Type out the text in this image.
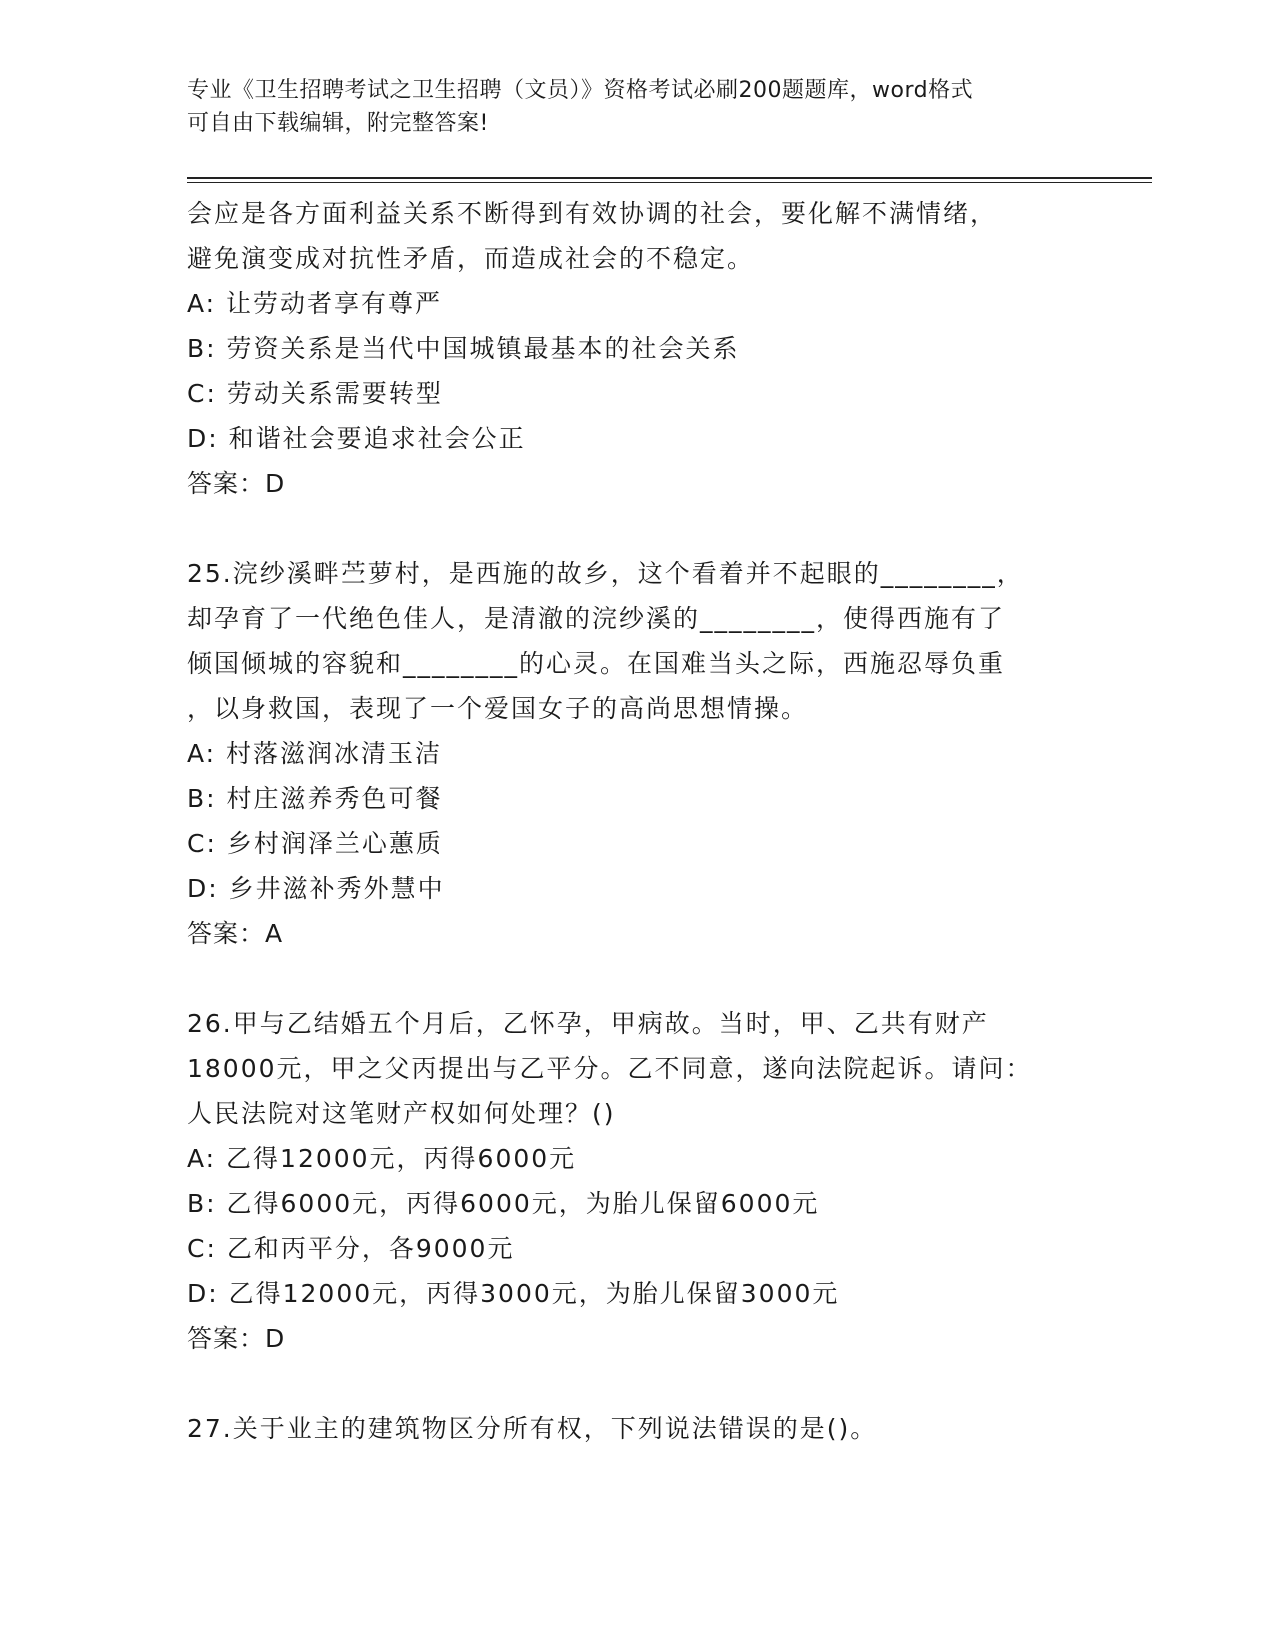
专业《卫生招聘考试之卫生招聘（文员）》资格考试必刷200题题库，word格式
可自由下载编辑，附完整答案!
会应是各方面利益关系不断得到有效协调的社会，要化解不满情绪，
避免演变成对抗性矛盾，而造成社会的不稳定。
A: 让劳动者享有尊严
B: 劳资关系是当代中国城镇最基本的社会关系
C: 劳动关系需要转型
D: 和谐社会要追求社会公正
答案：D
25.浣纱溪畔苎萝村，是西施的故乡，这个看着并不起眼的________，
却孕育了一代绝色佳人，是清澈的浣纱溪的________，使得西施有了
倾国倾城的容貌和________的心灵。在国难当头之际，西施忍辱负重
，以身救国，表现了一个爱国女子的高尚思想情操。
A: 村落滋润冰清玉洁
B: 村庄滋养秀色可餐
C: 乡村润泽兰心蕙质
D: 乡井滋补秀外慧中
答案：A
26.甲与乙结婚五个月后，乙怀孕，甲病故。当时，甲、乙共有财产
18000元，甲之父丙提出与乙平分。乙不同意，遂向法院起诉。请问：
人民法院对这笔财产权如何处理？()
A: 乙得12000元，丙得6000元
B: 乙得6000元，丙得6000元，为胎儿保留6000元
C: 乙和丙平分，各9000元
D: 乙得12000元，丙得3000元，为胎儿保留3000元
答案：D
27.关于业主的建筑物区分所有权，下列说法错误的是()。
